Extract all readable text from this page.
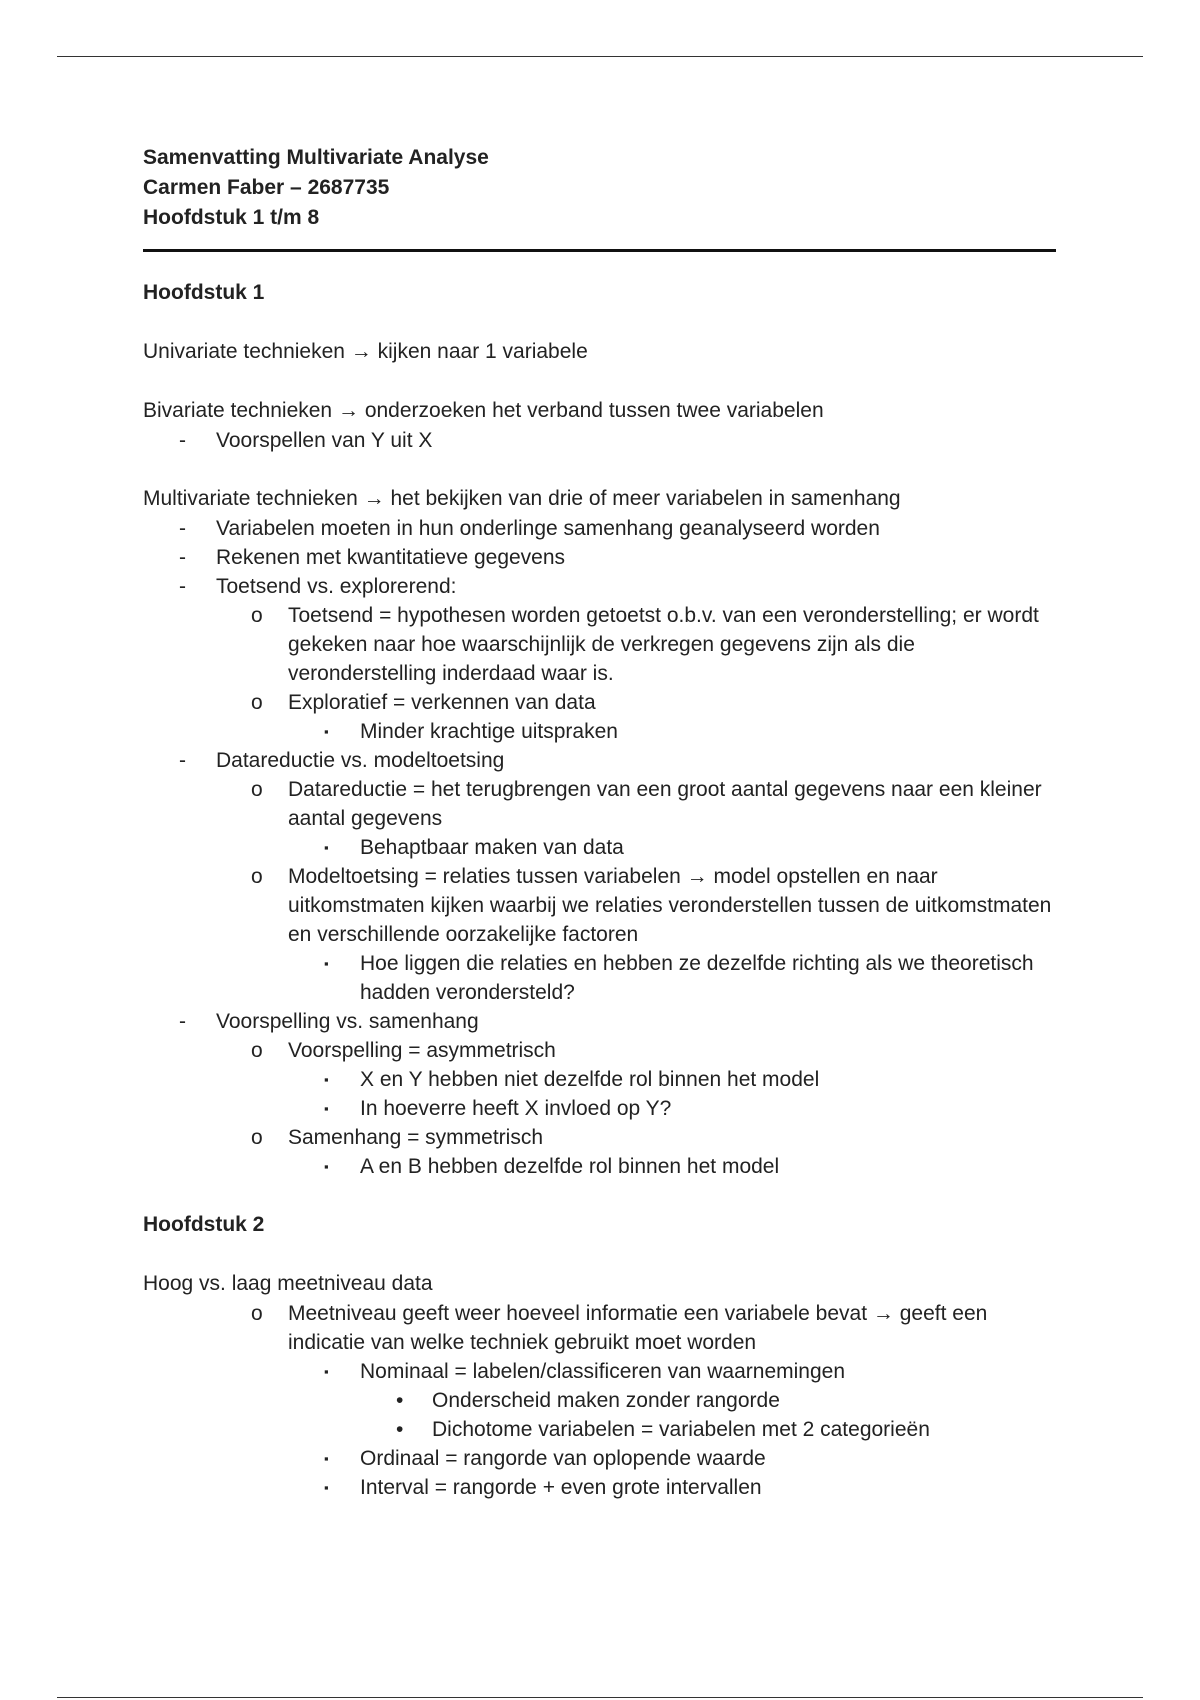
Samenvatting Multivariate Analyse
Carmen Faber – 2687735
Hoofdstuk 1 t/m 8
Hoofdstuk 1
Univariate technieken → kijken naar 1 variabele
Bivariate technieken → onderzoeken het verband tussen twee variabelen
- Voorspellen van Y uit X
Multivariate technieken → het bekijken van drie of meer variabelen in samenhang
- Variabelen moeten in hun onderlinge samenhang geanalyseerd worden
- Rekenen met kwantitatieve gegevens
- Toetsend vs. explorerend:
o Toetsend = hypothesen worden getoetst o.b.v. van een veronderstelling; er wordt gekeken naar hoe waarschijnlijk de verkregen gegevens zijn als die veronderstelling inderdaad waar is.
o Exploratief = verkennen van data
▪ Minder krachtige uitspraken
- Datareductie vs. modeltoetsing
o Datareductie = het terugbrengen van een groot aantal gegevens naar een kleiner aantal gegevens
▪ Behaptbaar maken van data
o Modeltoetsing = relaties tussen variabelen → model opstellen en naar uitkomstmaten kijken waarbij we relaties veronderstellen tussen de uitkomstmaten en verschillende oorzakelijke factoren
▪ Hoe liggen die relaties en hebben ze dezelfde richting als we theoretisch hadden verondersteld?
- Voorspelling vs. samenhang
o Voorspelling = asymmetrisch
▪ X en Y hebben niet dezelfde rol binnen het model
▪ In hoeverre heeft X invloed op Y?
o Samenhang = symmetrisch
▪ A en B hebben dezelfde rol binnen het model
Hoofdstuk 2
Hoog vs. laag meetniveau data
o Meetniveau geeft weer hoeveel informatie een variabele bevat → geeft een indicatie van welke techniek gebruikt moet worden
▪ Nominaal = labelen/classificeren van waarnemingen
• Onderscheid maken zonder rangorde
• Dichotome variabelen = variabelen met 2 categorieën
▪ Ordinaal = rangorde van oplopende waarde
▪ Interval = rangorde + even grote intervallen
